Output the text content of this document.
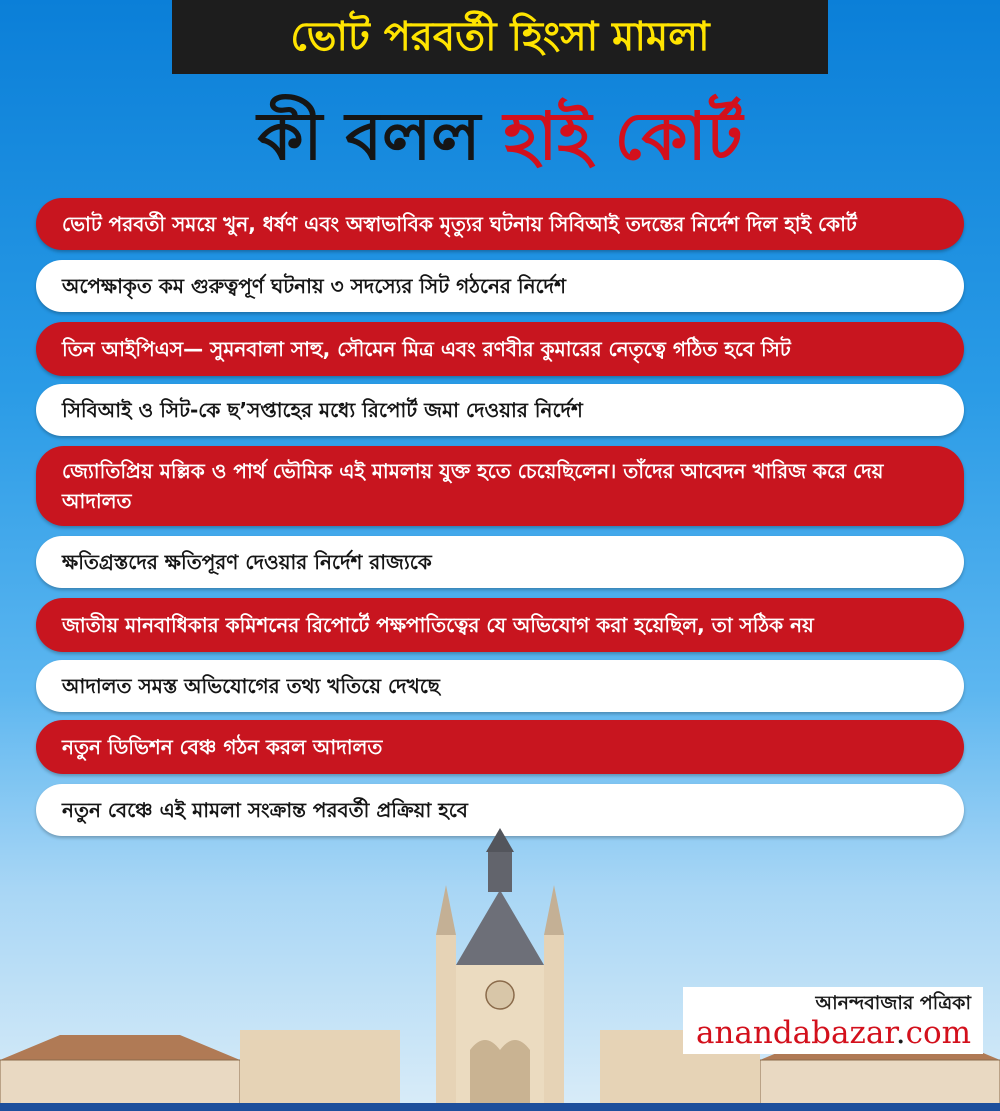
ভোট পরবর্তী হিংসা মামলা
কী বলল হাই কোর্ট
ভোট পরবর্তী সময়ে খুন, ধর্ষণ এবং অস্বাভাবিক মৃত্যুর ঘটনায় সিবিআই তদন্তের নির্দেশ দিল হাই কোর্ট
অপেক্ষাকৃত কম গুরুত্বপূর্ণ ঘটনায় ৩ সদস্যের সিট গঠনের নির্দেশ
তিন আইপিএস— সুমনবালা সাহু, সৌমেন মিত্র এবং রণবীর কুমারের নেতৃত্বে গঠিত হবে সিট
সিবিআই ও সিট-কে ছ’সপ্তাহের মধ্যে রিপোর্ট জমা দেওয়ার নির্দেশ
জ্যোতিপ্রিয় মল্লিক ও পার্থ ভৌমিক এই মামলায় যুক্ত হতে চেয়েছিলেন। তাঁদের আবেদন খারিজ করে দেয় আদালত
ক্ষতিগ্রস্তদের ক্ষতিপূরণ দেওয়ার নির্দেশ রাজ্যকে
জাতীয় মানবাধিকার কমিশনের রিপোর্টে পক্ষপাতিত্বের যে অভিযোগ করা হয়েছিল, তা সঠিক নয়
আদালত সমস্ত অভিযোগের তথ্য খতিয়ে দেখছে
নতুন ডিভিশন বেঞ্চ গঠন করল আদালত
নতুন বেঞ্চে এই মামলা সংক্রান্ত পরবর্তী প্রক্রিয়া হবে
আনন্দবাজার পত্রিকা
anandabazar.com
